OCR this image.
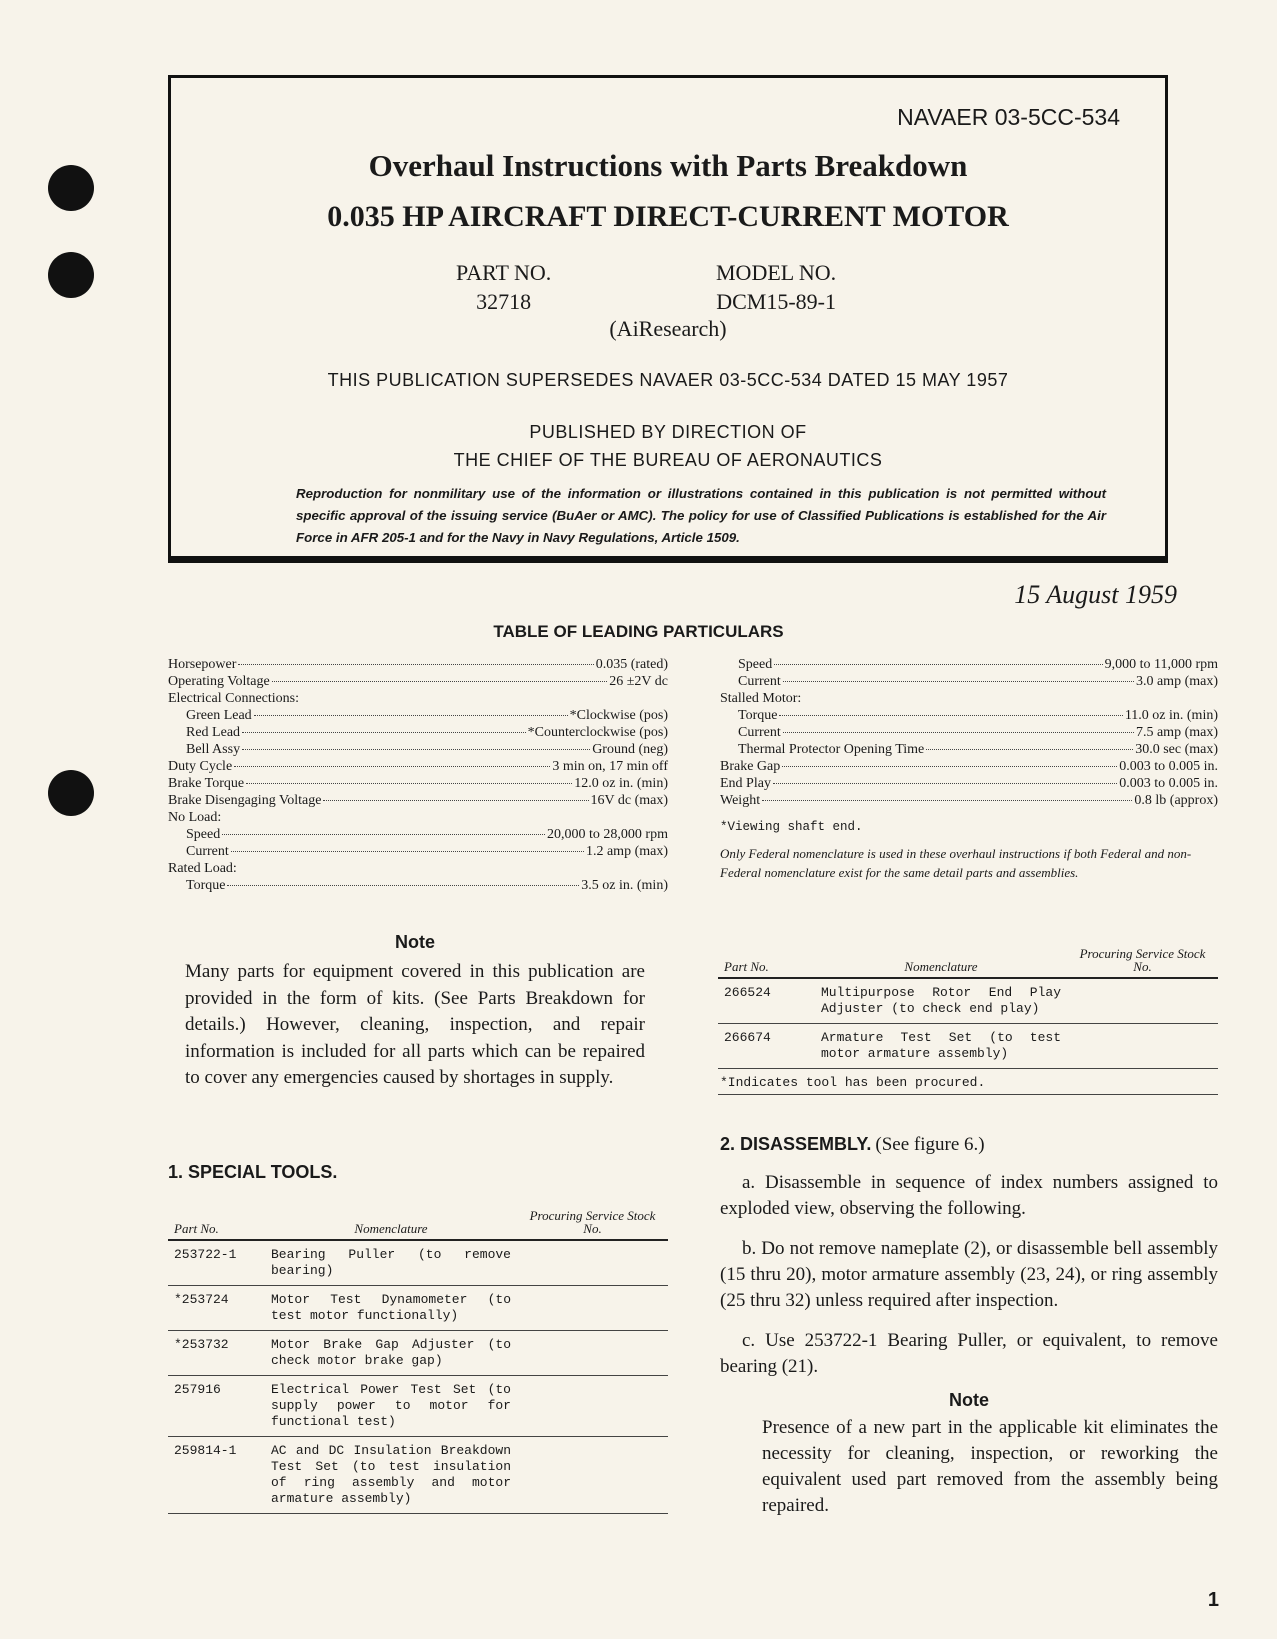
NAVAER 03-5CC-534
Overhaul Instructions with Parts Breakdown
0.035 HP AIRCRAFT DIRECT-CURRENT MOTOR
PART NO.
32718
MODEL NO.
DCM15-89-1
(AiResearch)
THIS PUBLICATION SUPERSEDES NAVAER 03-5CC-534 DATED 15 MAY 1957
PUBLISHED BY DIRECTION OF
THE CHIEF OF THE BUREAU OF AERONAUTICS
Reproduction for nonmilitary use of the information or illustrations contained in this publication is not permitted without specific approval of the issuing service (BuAer or AMC). The policy for use of Classified Publications is established for the Air Force in AFR 205-1 and for the Navy in Navy Regulations, Article 1509.
15 August 1959
TABLE OF LEADING PARTICULARS
Horsepower	0.035 (rated)
Operating Voltage	26 ±2V dc
Electrical Connections:
Green Lead	*Clockwise (pos)
Red Lead	*Counterclockwise (pos)
Bell Assy	Ground (neg)
Duty Cycle	3 min on, 17 min off
Brake Torque	12.0 oz in. (min)
Brake Disengaging Voltage	16V dc (max)
No Load:
Speed	20,000 to 28,000 rpm
Current	1.2 amp (max)
Rated Load:
Torque	3.5 oz in. (min)
Speed	9,000 to 11,000 rpm
Current	3.0 amp (max)
Stalled Motor:
Torque	11.0 oz in. (min)
Current	7.5 amp (max)
Thermal Protector Opening Time	30.0 sec (max)
Brake Gap	0.003 to 0.005 in.
End Play	0.003 to 0.005 in.
Weight	0.8 lb (approx)
*Viewing shaft end.
Only Federal nomenclature is used in these overhaul instructions if both Federal and non-Federal nomenclature exist for the same detail parts and assemblies.
Note
Many parts for equipment covered in this publication are provided in the form of kits. (See Parts Breakdown for details.) However, cleaning, inspection, and repair information is included for all parts which can be repaired to cover any emergencies caused by shortages in supply.
1. SPECIAL TOOLS.
Part No.	Nomenclature	Procuring Service Stock No.
253722-1	Bearing Puller (to remove bearing)	
*253724	Motor Test Dynamometer (to test motor functionally)	
*253732	Motor Brake Gap Adjuster (to check motor brake gap)	
257916	Electrical Power Test Set (to supply power to motor for functional test)	
259814-1	AC and DC Insulation Breakdown Test Set (to test insulation of ring assembly and motor armature assembly)	
Part No.	Nomenclature	Procuring Service Stock No.
266524	Multipurpose Rotor End Play Adjuster (to check end play)	
266674	Armature Test Set (to test motor armature assembly)	
*Indicates tool has been procured.
2. DISASSEMBLY. (See figure 6.)
a. Disassemble in sequence of index numbers assigned to exploded view, observing the following.
b. Do not remove nameplate (2), or disassemble bell assembly (15 thru 20), motor armature assembly (23, 24), or ring assembly (25 thru 32) unless required after inspection.
c. Use 253722-1 Bearing Puller, or equivalent, to remove bearing (21).
Note
Presence of a new part in the applicable kit eliminates the necessity for cleaning, inspection, or reworking the equivalent used part removed from the assembly being repaired.
1
